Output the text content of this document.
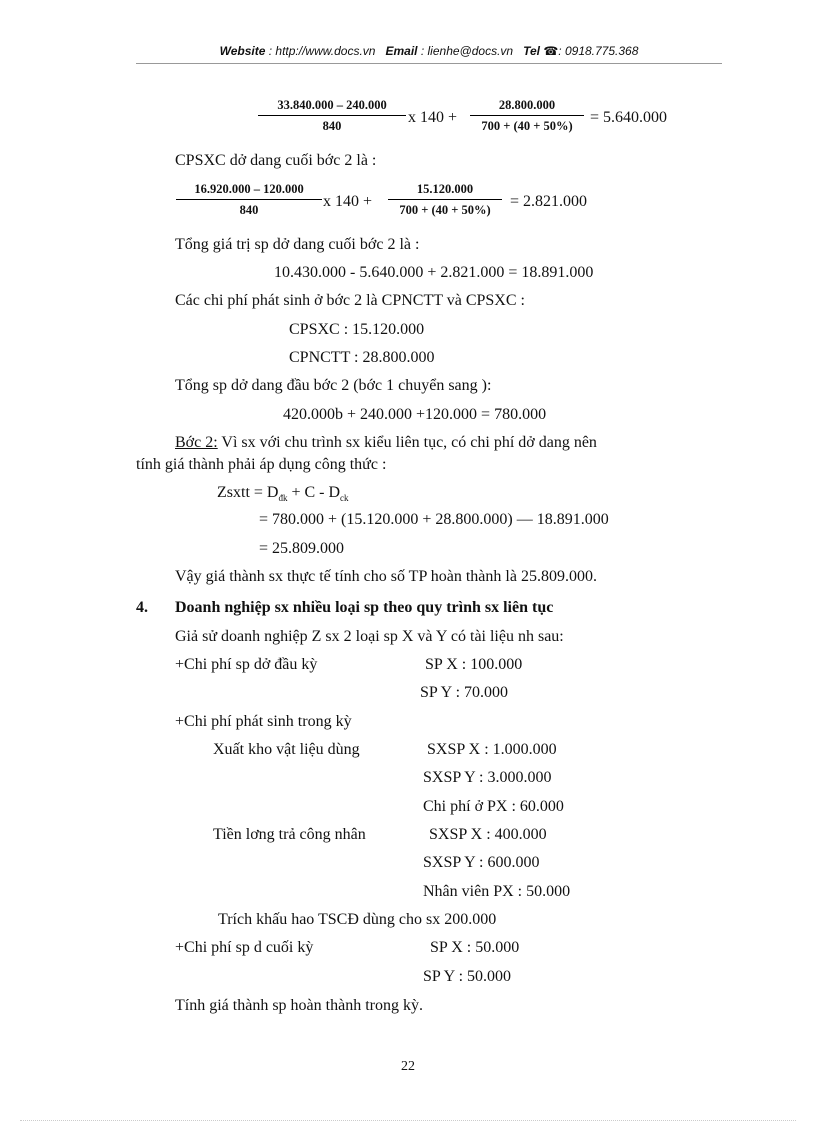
Website : http://www.docs.vn Email : lienhe@docs.vn Tel ☎: 0918.775.368
$\frac{33.840.000 - 240.000}{840}$ x $140 + \frac{28.800.000}{700 + (40 + 50\%)} = 5.640.000$
CPSXC dở dang cuối bớc 2 là :
$\frac{16.920.000 - 120.000}{840}$ x $140 + \frac{15.120.000}{700 + (40 + 50\%)} = 2.821.000$
Tổng giá trị sp dở dang cuối bớc 2 là :
10.430.000 - 5.640.000 + 2.821.000 = 18.891.000
Các chi phí phát sinh ở bớc 2 là CPNCTT và CPSXC :
CPSXC : 15.120.000
CPNCTT : 28.800.000
Tổng sp dở dang đầu bớc 2 (bớc 1 chuyển sang ):
420.000b + 240.000 +120.000 = 780.000
Bớc 2: Vì sx với chu trình sx kiểu liên tục, có chi phí dở dang nên
tính giá thành phải áp dụng công thức :
Zsxtt = $D_{đk} + C - D_{ck}$
= 780.000 + (15.120.000 + 28.800.000) — 18.891.000
= 25.809.000
Vậy giá thành sx thực tế tính cho số TP hoàn thành là 25.809.000.
4. Doanh nghiệp sx nhiều loại sp theo quy trình sx liên tục
Giả sử doanh nghiệp Z sx 2 loại sp X và Y có tài liệu nh sau:
+Chi phí sp dở đầu kỳ	SP X : 100.000
SP Y : 70.000
+Chi phí phát sinh trong kỳ
Xuất kho vật liệu dùng	SXSP X : 1.000.000
SXSP Y : 3.000.000
Chi phí ở PX : 60.000
Tiền lơng trả công nhân	SXSP X : 400.000
SXSP Y : 600.000
Nhân viên PX : 50.000
Trích khấu hao TSCĐ dùng cho sx 200.000
+Chi phí sp d cuối kỳ	SP X : 50.000
SP Y : 50.000
Tính giá thành sp hoàn thành trong kỳ.
22
